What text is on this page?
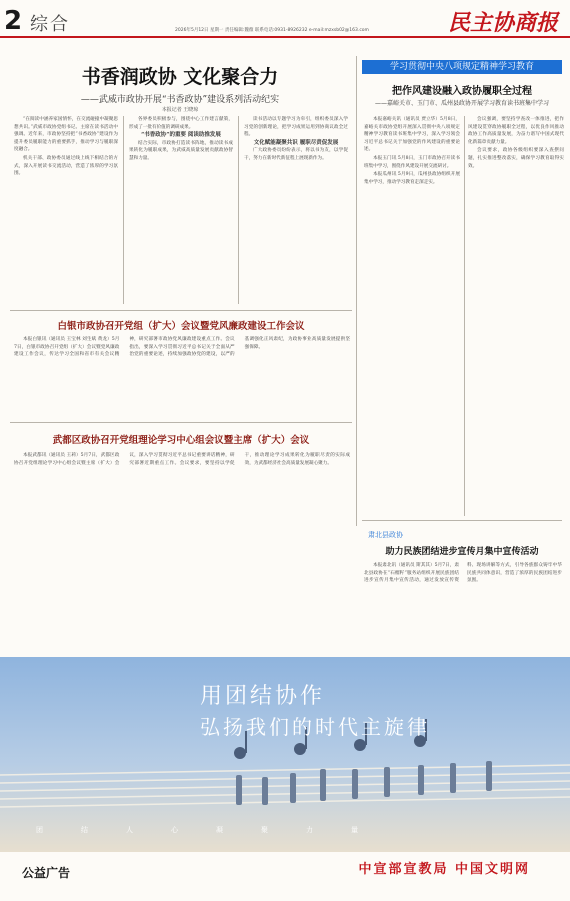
2 综合	2026年5月12日 星期一 责任编辑:魏薇 联系电话:0931-8926232 e-mail:mzxsb02@163.com	民主协商报
书香润政协 文化聚合力
——武威市政协开展“书香政协”建设系列活动纪实
本报记者 王晓琼

“在阅读中涵养家国情怀，在交流碰撞中凝聚思想共识。”武威市政协党组书记、主席在读书活动中强调。近年来，市政协坚持把“书香政协”建设作为提升委员履职能力的重要抓手，推动学习与履职深度融合。

机关干部、政协委员通过线上线下相结合的方式，深入开展读书交流活动，营造了浓厚的学习氛围。

各界委员积极参与，围绕中心工作建言献策，形成了一批有价值的调研成果。

“书香政协”的重要 阅读助推发展

结合实际，市政协打造读书阵地，推动读书成果转化为履职成果，为武威高质量发展贡献政协智慧和力量。

读书活动以专题学习为牵引，组织委员深入学习党的创新理论，把学习成果运用到协商议政全过程。

文化赋能凝聚共识 履职尽责促发展

广大政协委员纷纷表示，将以书为友，以学促干，努力在新时代新征程上展现新作为。

学习贯彻中央八项规定精神学习教育
把作风建设融入政协履职全过程
——嘉峪关市、玉门市、瓜州县政协开展学习教育读书班集中学习

本报嘉峪关讯（通讯员 贾立华）5月8日，嘉峪关市政协党组开展深入贯彻中央八项规定精神学习教育读书班集中学习，深入学习领会习近平总书记关于加强党的作风建设的重要论述。

本报玉门讯 5月8日，玉门市政协召开读书班集中学习，围绕作风建设开展交流研讨。

本报瓜州讯 5月9日，瓜州县政协组织开展集中学习，推动学习教育走深走实。

会议强调，要坚持学查改一体推进，把作风建设贯穿政协履职全过程，以优良作风推动政协工作高质量发展，为奋力谱写中国式现代化新篇章贡献力量。

会议要求，政协各级组织要深入查摆问题，扎实推进整改落实，确保学习教育取得实效。

白银市政协召开党组（扩大）会议暨党风廉政建设工作会议

本报白银讯（通讯员 王宝林 刘生斌 黄龙）5月7日，白银市政协召开党组（扩大）会议暨党风廉政建设工作会议，传达学习全国和省市有关会议精神，研究部署市政协党风廉政建设重点工作。会议指出，要深入学习贯彻习近平总书记关于全面从严治党的重要论述，持续加强政协党的建设，以严的基调强化正风肃纪，为政协事业高质量发展提供坚强保障。

武都区政协召开党组理论学习中心组会议暨主席（扩大）会议

本报武都讯（通讯员 王莉）5月7日，武都区政协召开党组理论学习中心组会议暨主席（扩大）会议，深入学习贯彻习近平总书记重要讲话精神，研究部署近期重点工作。会议要求，要坚持以学促干，推动理论学习成果转化为履职尽责的实际成效，为武都经济社会高质量发展凝心聚力。

肃北县政协
助力民族团结进步宣传月集中宣传活动

本报肃北讯（通讯员 斯其其）5月7日，肃北县政协在“石榴籽”服务站组织开展民族团结进步宣传月集中宣传活动，通过发放宣传资料、现场讲解等方式，引导各族群众铸牢中华民族共同体意识，营造了浓厚的民族团结进步氛围。

用团结协作
弘扬我们的时代主旋律
团结人心凝聚力量
公益广告	中宣部宣教局 中国文明网
